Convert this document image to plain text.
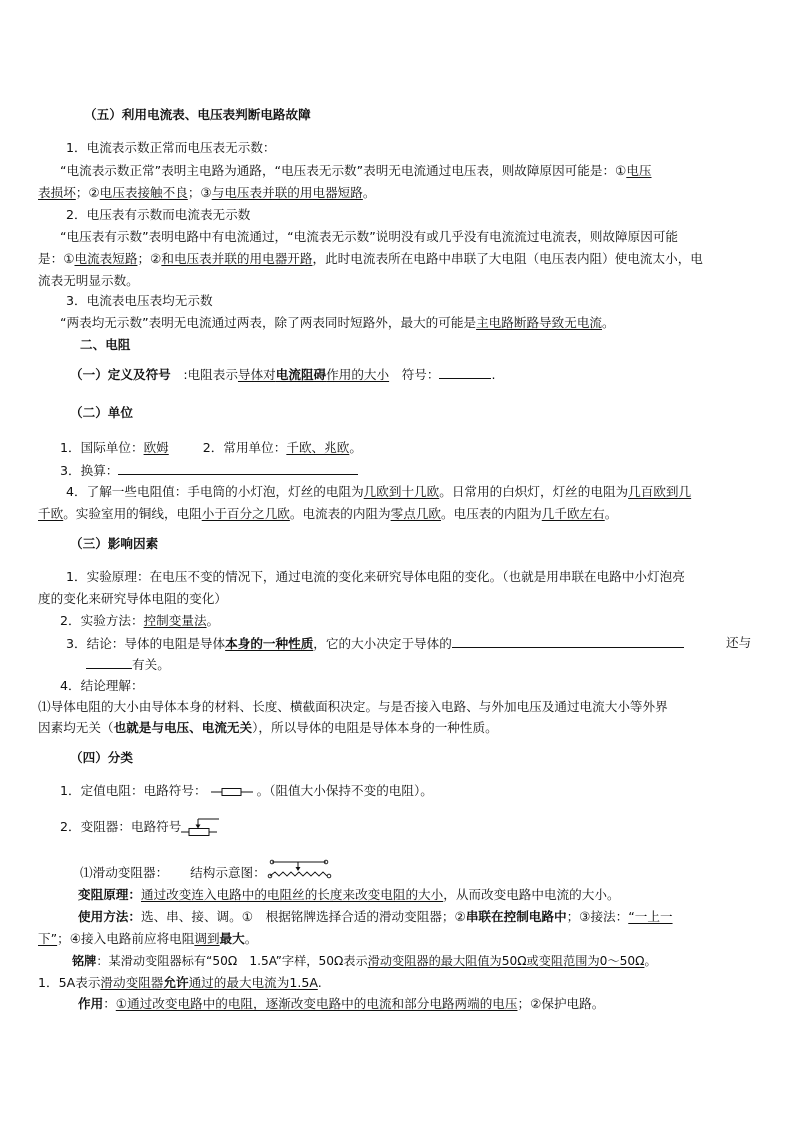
（五）利用电流表、电压表判断电路故障
1．电流表示数正常而电压表无示数：
“电流表示数正常”表明主电路为通路，“电压表无示数”表明无电流通过电压表，则故障原因可能是：①电压
表损坏；②电压表接触不良；③与电压表并联的用电器短路。
2．电压表有示数而电流表无示数
“电压表有示数”表明电路中有电流通过，“电流表无示数”说明没有或几乎没有电流流过电流表，则故障原因可能
是：①电流表短路；②和电压表并联的用电器开路，此时电流表所在电路中串联了大电阻（电压表内阻）使电流太小，电
流表无明显示数。
3．电流表电压表均无示数
“两表均无示数”表明无电流通过两表，除了两表同时短路外，最大的可能是主电路断路导致无电流。
二、电阻
（一）定义及符号　 :电阻表示导体对电流阻碍作用的大小　 符号：	.
（二）单位
1．国际单位：欧姆	2．常用单位：千欧、兆欧。
3．换算：
4．了解一些电阻值：手电筒的小灯泡，灯丝的电阻为几欧到十几欧。日常用的白炽灯，灯丝的电阻为几百欧到几
千欧。实验室用的铜线，电阻小于百分之几欧。电流表的内阻为零点几欧。电压表的内阻为几千欧左右。
（三）影响因素
1．实验原理：在电压不变的情况下，通过电流的变化来研究导体电阻的变化。（也就是用串联在电路中小灯泡亮
度的变化来研究导体电阻的变化）
2．实验方法：控制变量法。
3．结论：导体的电阻是导体本身的一种性质，它的大小决定于导体的	还与
有关。
4．结论理解：
⑴导体电阻的大小由导体本身的材料、长度、横截面积决定。与是否接入电路、与外加电压及通过电流大小等外界
因素均无关（也就是与电压、电流无关），所以导体的电阻是导体本身的一种性质。
（四）分类
1．定值电阻：电路符号：	。（阻值大小保持不变的电阻）。
2．变阻器：电路符号
⑴滑动变阻器： 结构示意图：
变阻原理：通过改变连入电路中的电阻丝的长度来改变电阻的大小，从而改变电路中电流的大小。
使用方法：选、串、接、调。①　根据铭牌选择合适的滑动变阻器；②串联在控制电路中；③接法：“一上一
下”；④接入电路前应将电阻调到最大。
铭牌：某滑动变阻器标有“50Ω　1.5A”字样，50Ω表示滑动变阻器的最大阻值为50Ω或变阻范围为0～50Ω。
1．5A表示滑动变阻器允许通过的最大电流为1.5A.
作用：①通过改变电路中的电阻，逐渐改变电路中的电流和部分电路两端的电压；②保护电路。
